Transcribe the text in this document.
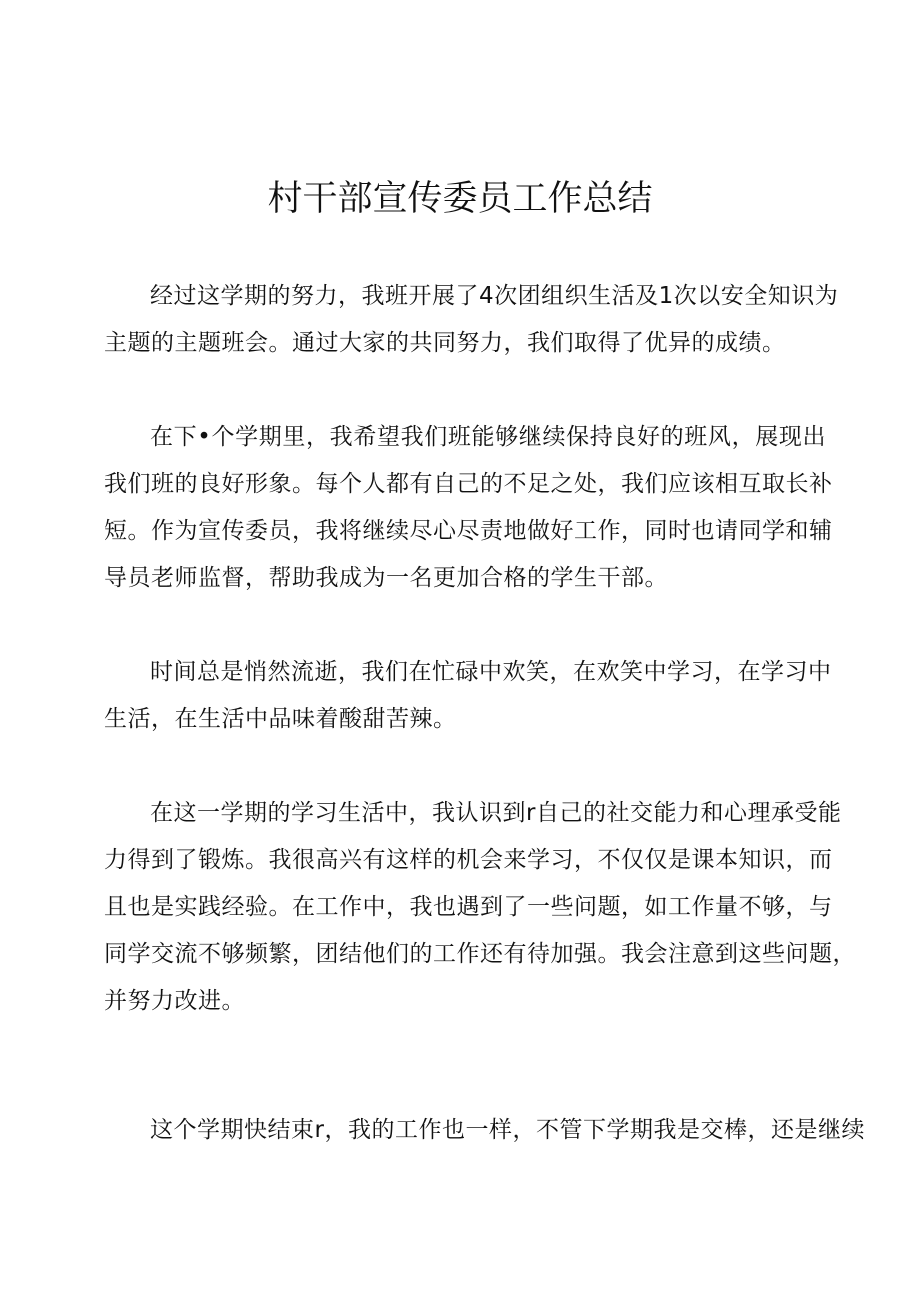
村干部宣传委员工作总结

经过这学期的努力，我班开展了4次团组织生活及1次以安全知识为
主题的主题班会。通过大家的共同努力，我们取得了优异的成绩。

在下•个学期里，我希望我们班能够继续保持良好的班风，展现出
我们班的良好形象。每个人都有自己的不足之处，我们应该相互取长补
短。作为宣传委员，我将继续尽心尽责地做好工作，同时也请同学和辅
导员老师监督，帮助我成为一名更加合格的学生干部。

时间总是悄然流逝，我们在忙碌中欢笑，在欢笑中学习，在学习中
生活，在生活中品味着酸甜苦辣。

在这一学期的学习生活中，我认识到r自己的社交能力和心理承受能
力得到了锻炼。我很高兴有这样的机会来学习，不仅仅是课本知识，而
且也是实践经验。在工作中，我也遇到了一些问题，如工作量不够，与
同学交流不够频繁，团结他们的工作还有待加强。我会注意到这些问题，
并努力改进。

这个学期快结束r，我的工作也一样，不管下学期我是交棒，还是继续
